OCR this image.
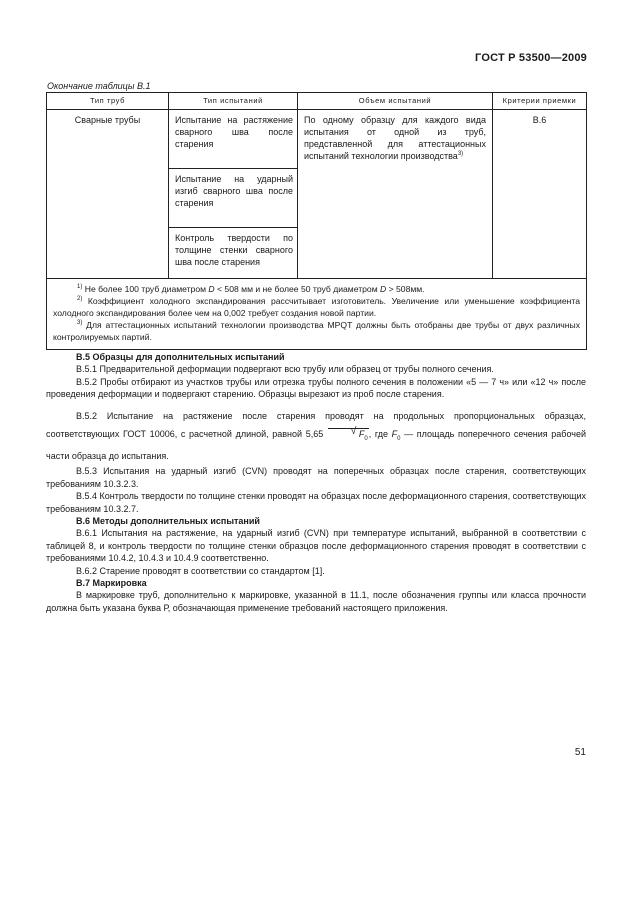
ГОСТ Р 53500—2009
Окончание таблицы В.1
Тип труб	Тип испытаний	Объем испытаний	Критерии приемки
Сварные трубы	Испытание на растяжение сварного шва после старения	По одному образцу для каждого вида испытания от одной из труб, представленной для аттестационных испытаний технологии производства$^{3)}$	В.6
	Испытание на ударный изгиб сварного шва после старения		
	Контроль твердости по толщине стенки сварного шва после старения		

$^{1)}$ Не более 100 труб диаметром D < 508 мм и не более 50 труб диаметром D > 508мм.
$^{2)}$ Коэффициент холодного экспандирования рассчитывает изготовитель. Увеличение или уменьшение коэффициента холодного экспандирования более чем на 0,002 требует создания новой партии.
$^{3)}$ Для аттестационных испытаний технологии производства MPQT должны быть отобраны две трубы от двух различных контролируемых партий.			

В.5 Образцы для дополнительных испытаний

В.5.1 Предварительной деформации подвергают всю трубу или образец от трубы полного сечения.

В.5.2 Пробы отбирают из участков трубы или отрезка трубы полного сечения в положении «5 — 7 ч» или «12 ч» после проведения деформации и подвергают старению. Образцы вырезают из проб после старения.

В.5.2 Испытание на растяжение после старения проводят на продольных пропорциональных образцах, соответствующих ГОСТ 10006, с расчетной длиной, равной 5,65	√ $F_0$, где $F_0$ — площадь поперечного сечения рабочей части образца до испытания.

В.5.3 Испытания на ударный изгиб (CVN) проводят на поперечных образцах после старения, соответствующих требованиям 10.3.2.3.

В.5.4 Контроль твердости по толщине стенки проводят на образцах после деформационного старения, соответствующих требованиям 10.3.2.7.

В.6 Методы дополнительных испытаний

В.6.1 Испытания на растяжение, на ударный изгиб (CVN) при температуре испытаний, выбранной в соответствии с таблицей 8, и контроль твердости по толщине стенки образцов после деформационного старения проводят в соответствии с требованиями 10.4.2, 10.4.3 и 10.4.9 соответственно.

В.6.2 Старение проводят в соответствии со стандартом [1].

В.7 Маркировка

В маркировке труб, дополнительно к маркировке, указанной в 11.1, после обозначения группы или класса прочности должна быть указана буква Р, обозначающая применение требований настоящего приложения.

51
